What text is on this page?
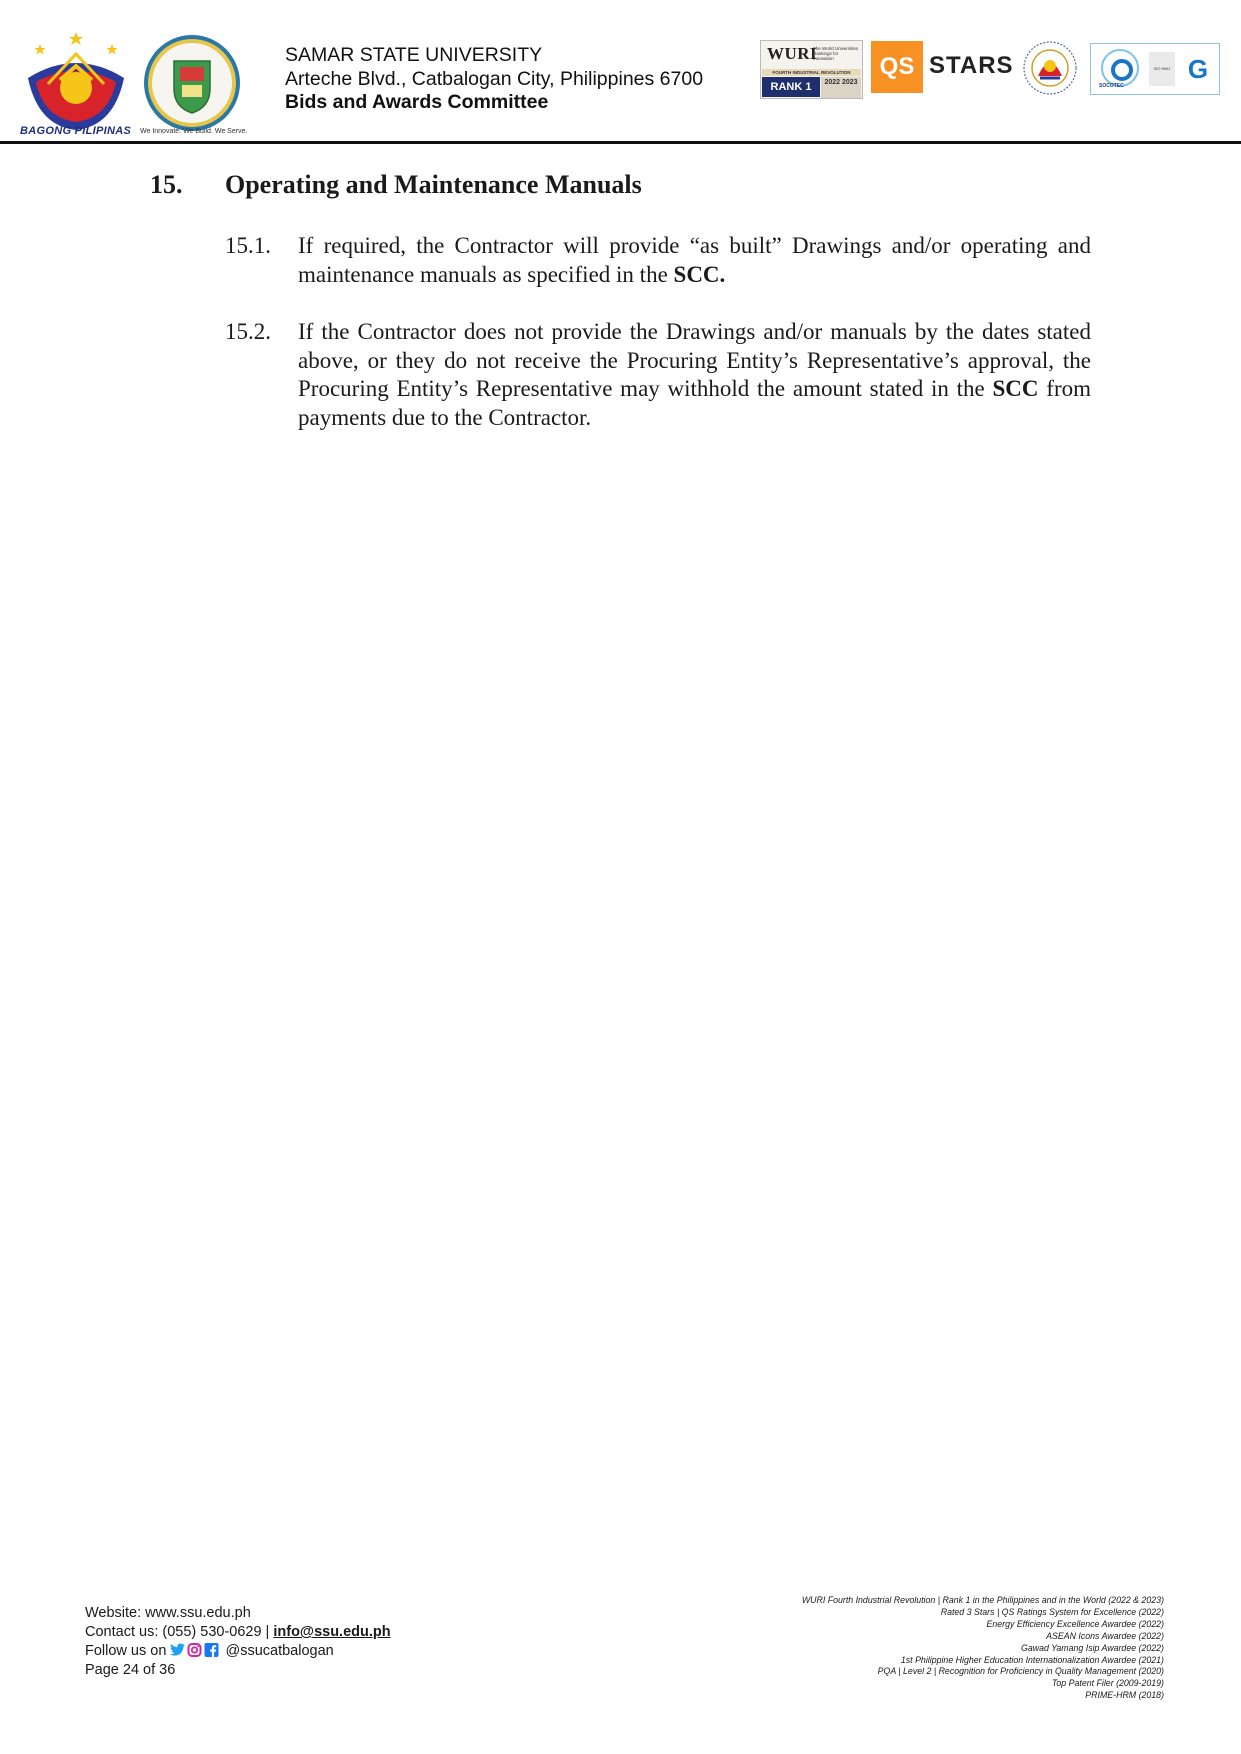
BAGONG PILIPINAS We Innovate. We Build. We Serve.
SAMAR STATE UNIVERSITY
Arteche Blvd., Catbalogan City, Philippines 6700
Bids and Awards Committee
WURI
The World Universities Rankings for Innovation
FOURTH INDUSTRIAL REVOLUTION
RANK 1	2022 2023
QS STARS
SOCOTEC
ISO 9001 G
15. Operating and Maintenance Manuals
15.1. If required, the Contractor will provide “as built” Drawings and/or operating and maintenance manuals as specified in the SCC.
15.2. If the Contractor does not provide the Drawings and/or manuals by the dates stated above, or they do not receive the Procuring Entity’s Representative’s approval, the Procuring Entity’s Representative may withhold the amount stated in the SCC from payments due to the Contractor.
Website: www.ssu.edu.ph
Contact us: (055) 530-0629 | info@ssu.edu.ph
Follow us on	@ssucatbalogan
Page 24 of 36
WURI Fourth Industrial Revolution | Rank 1 in the Philippines and in the World (2022 & 2023)
Rated 3 Stars | QS Ratings System for Excellence (2022)
Energy Efficiency Excellence Awardee (2022)
ASEAN Icons Awardee (2022)
Gawad Yamang Isip Awardee (2022)
1st Philippine Higher Education Internationalization Awardee (2021)
PQA | Level 2 | Recognition for Proficiency in Quality Management (2020)
Top Patent Filer (2009-2019)
PRIME-HRM (2018)
